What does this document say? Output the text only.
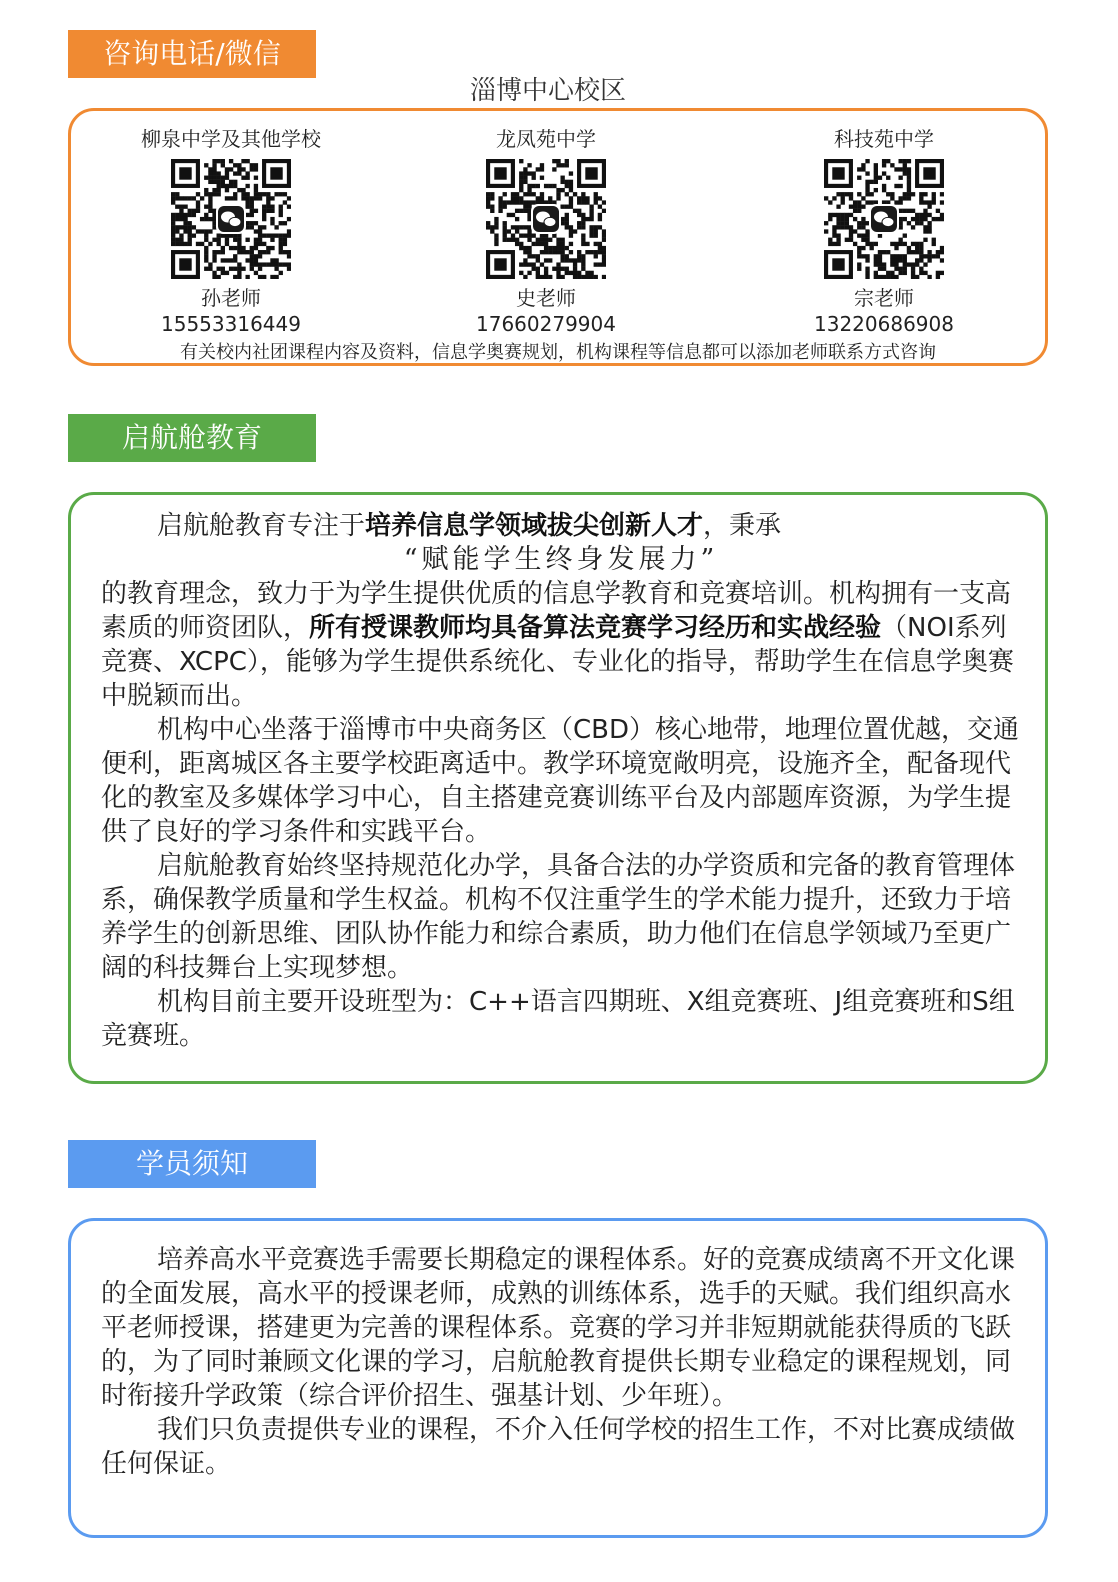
咨询电话/微信
淄博中心校区
柳泉中学及其他学校
孙老师
15553316449
龙凤苑中学
史老师
17660279904
科技苑中学
宗老师
13220686908
有关校内社团课程内容及资料，信息学奥赛规划，机构课程等信息都可以添加老师联系方式咨询
启航舱教育

启航舱教育专注于培养信息学领域拔尖创新人才，秉承

“赋能学生终身发展力”

的教育理念，致力于为学生提供优质的信息学教育和竞赛培训。机构拥有一支高素质的师资团队，所有授课教师均具备算法竞赛学习经历和实战经验（NOI系列竞赛、XCPC），能够为学生提供系统化、专业化的指导，帮助学生在信息学奥赛中脱颖而出。

机构中心坐落于淄博市中央商务区（CBD）核心地带，地理位置优越，交通便利，距离城区各主要学校距离适中。教学环境宽敞明亮，设施齐全，配备现代化的教室及多媒体学习中心，自主搭建竞赛训练平台及内部题库资源，为学生提供了良好的学习条件和实践平台。

启航舱教育始终坚持规范化办学，具备合法的办学资质和完备的教育管理体系，确保教学质量和学生权益。机构不仅注重学生的学术能力提升，还致力于培养学生的创新思维、团队协作能力和综合素质，助力他们在信息学领域乃至更广阔的科技舞台上实现梦想。

机构目前主要开设班型为：C++语言四期班、X组竞赛班、J组竞赛班和S组竞赛班。

学员须知

培养高水平竞赛选手需要长期稳定的课程体系。好的竞赛成绩离不开文化课的全面发展，高水平的授课老师，成熟的训练体系，选手的天赋。我们组织高水平老师授课，搭建更为完善的课程体系。竞赛的学习并非短期就能获得质的飞跃的，为了同时兼顾文化课的学习，启航舱教育提供长期专业稳定的课程规划，同时衔接升学政策（综合评价招生、强基计划、少年班）。

我们只负责提供专业的课程，不介入任何学校的招生工作，不对比赛成绩做任何保证。
